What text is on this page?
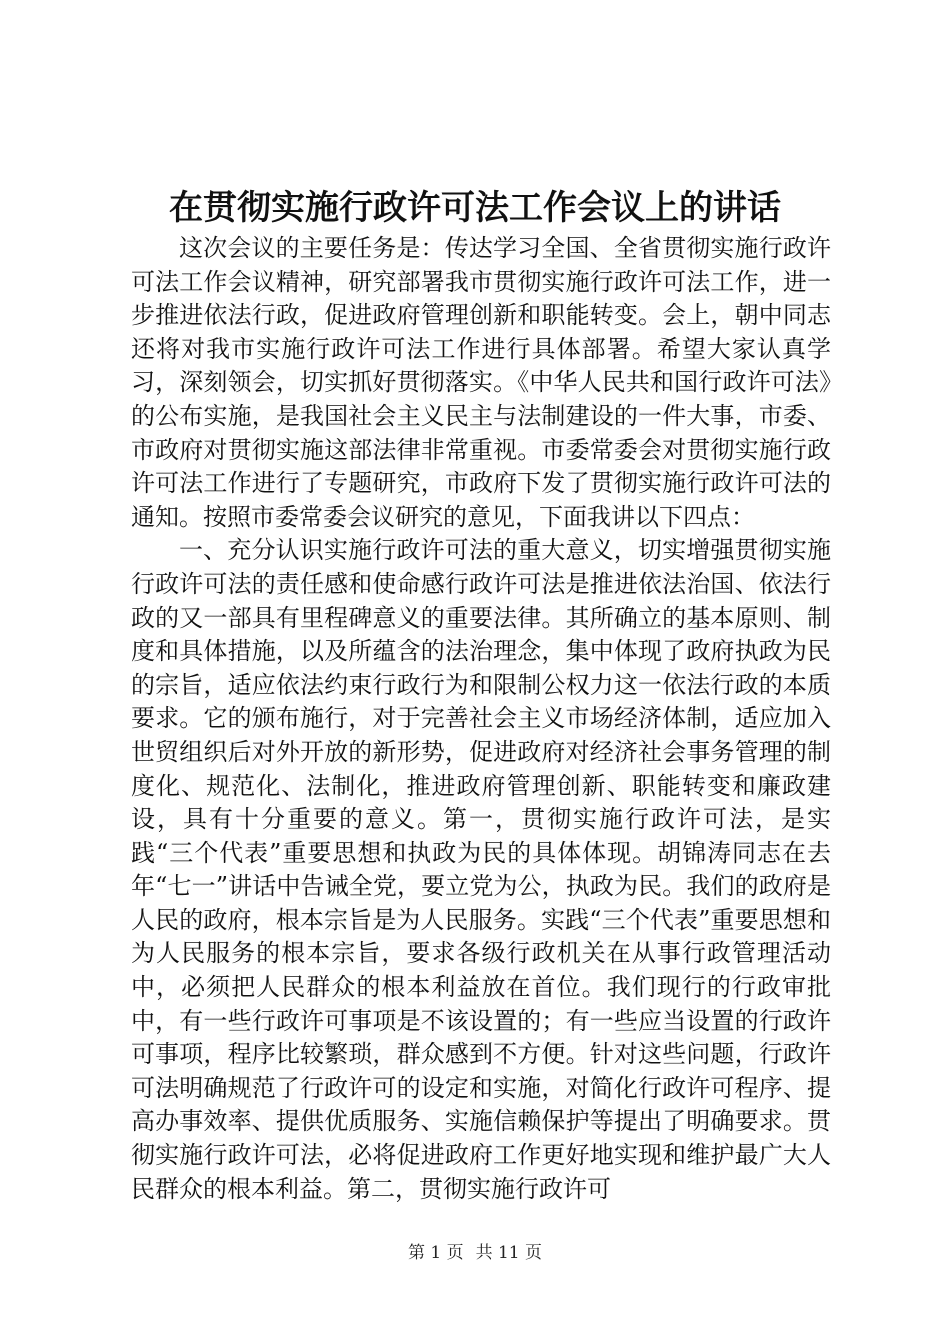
在贯彻实施行政许可法工作会议上的讲话

这次会议的主要任务是：传达学习全国、全省贯彻实施行政许可法工作会议精神，研究部署我市贯彻实施行政许可法工作，进一步推进依法行政，促进政府管理创新和职能转变。会上，朝中同志还将对我市实施行政许可法工作进行具体部署。希望大家认真学习，深刻领会，切实抓好贯彻落实。《中华人民共和国行政许可法》的公布实施，是我国社会主义民主与法制建设的一件大事，市委、市政府对贯彻实施这部法律非常重视。市委常委会对贯彻实施行政许可法工作进行了专题研究，市政府下发了贯彻实施行政许可法的通知。按照市委常委会议研究的意见，下面我讲以下四点：

一、充分认识实施行政许可法的重大意义，切实增强贯彻实施行政许可法的责任感和使命感行政许可法是推进依法治国、依法行政的又一部具有里程碑意义的重要法律。其所确立的基本原则、制度和具体措施，以及所蕴含的法治理念，集中体现了政府执政为民的宗旨，适应依法约束行政行为和限制公权力这一依法行政的本质要求。它的颁布施行，对于完善社会主义市场经济体制，适应加入世贸组织后对外开放的新形势，促进政府对经济社会事务管理的制度化、规范化、法制化，推进政府管理创新、职能转变和廉政建设，具有十分重要的意义。第一，贯彻实施行政许可法，是实践“三个代表”重要思想和执政为民的具体体现。胡锦涛同志在去年“七一”讲话中告诫全党，要立党为公，执政为民。我们的政府是人民的政府，根本宗旨是为人民服务。实践“三个代表”重要思想和为人民服务的根本宗旨，要求各级行政机关在从事行政管理活动中，必须把人民群众的根本利益放在首位。我们现行的行政审批中，有一些行政许可事项是不该设置的；有一些应当设置的行政许可事项，程序比较繁琐，群众感到不方便。针对这些问题，行政许可法明确规范了行政许可的设定和实施，对简化行政许可程序、提高办事效率、提供优质服务、实施信赖保护等提出了明确要求。贯彻实施行政许可法，必将促进政府工作更好地实现和维护最广大人民群众的根本利益。第二，贯彻实施行政许可

第 1 页 共 11 页
